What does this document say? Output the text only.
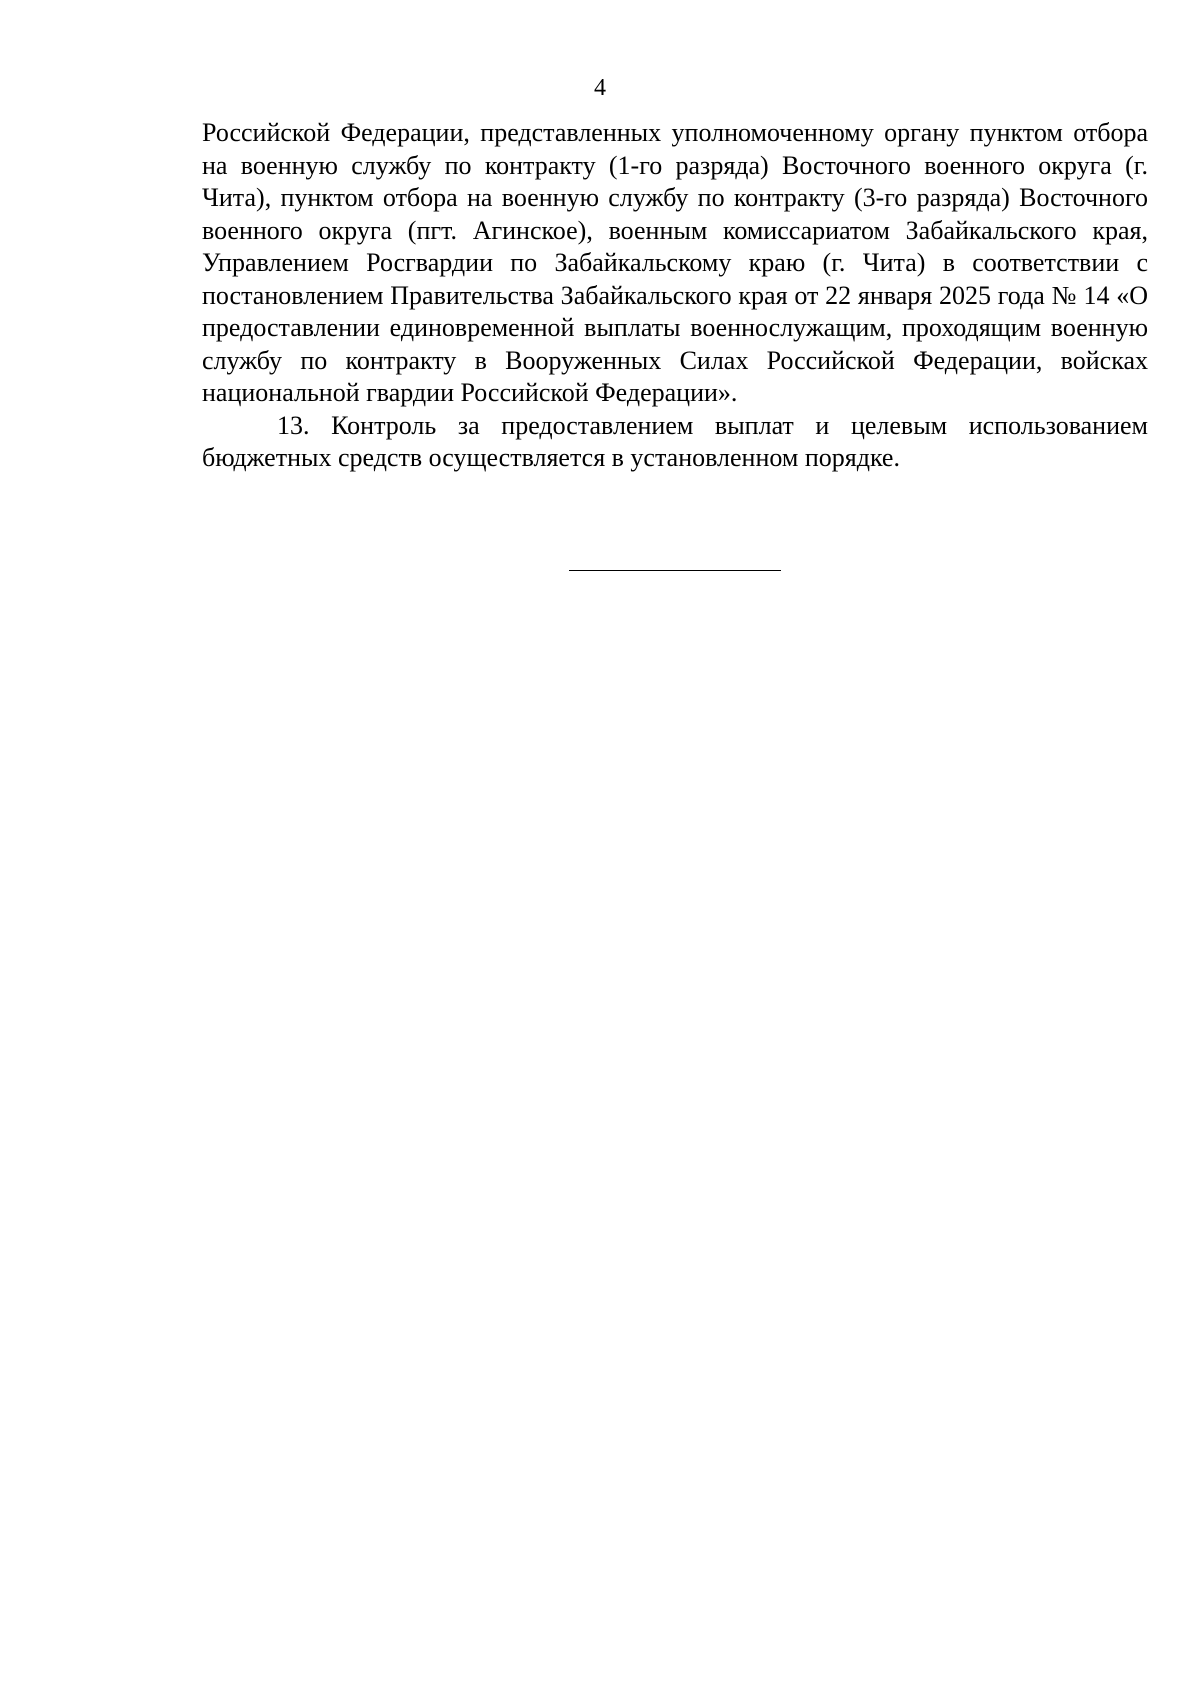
4

Российской Федерации, представленных уполномоченному органу пунктом отбора на военную службу по контракту (1-го разряда) Восточного военного округа (г. Чита), пунктом отбора на военную службу по контракту (3-го разряда) Восточного военного округа (пгт. Агинское), военным комиссариатом Забайкальского края, Управлением Росгвардии по Забайкальскому краю (г. Чита) в соответствии с постановлением Правительства Забайкальского края от 22 января 2025 года № 14 «О предоставлении единовременной выплаты военнослужащим, проходящим военную службу по контракту в Вооруженных Силах Российской Федерации, войсках национальной гвардии Российской Федерации».

13. Контроль за предоставлением выплат и целевым использованием бюджетных средств осуществляется в установленном порядке.
